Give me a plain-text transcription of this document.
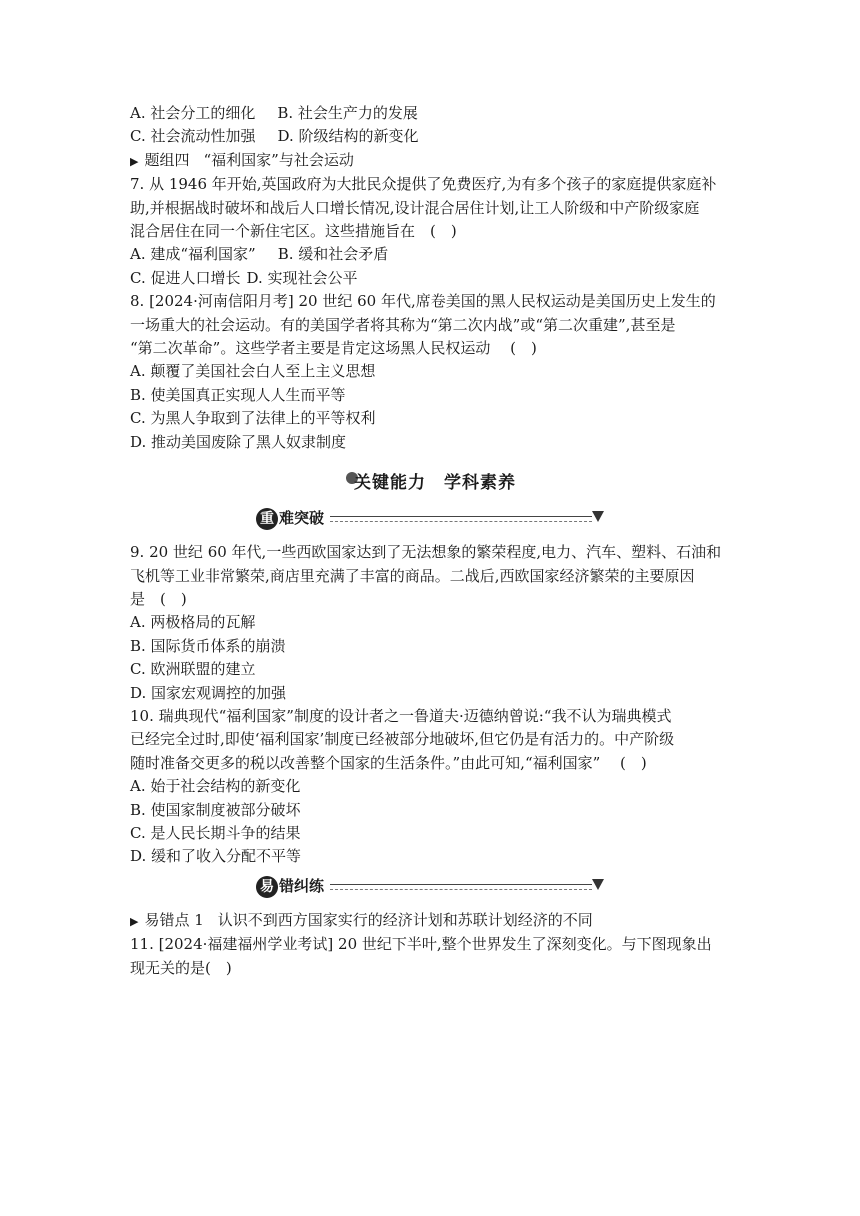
A. 社会分工的细化 B. 社会生产力的发展
C. 社会流动性加强 D. 阶级结构的新变化
▶ 题组四 “福利国家”与社会运动
7. 从 1946 年开始,英国政府为大批民众提供了免费医疗,为有多个孩子的家庭提供家庭补
助,并根据战时破坏和战后人口增长情况,设计混合居住计划,让工人阶级和中产阶级家庭
混合居住在同一个新住宅区。这些措施旨在　(　)
A. 建成“福利国家” B. 缓和社会矛盾
C. 促进人口增长 D. 实现社会公平
8. [2024·河南信阳月考] 20 世纪 60 年代,席卷美国的黑人民权运动是美国历史上发生的
一场重大的社会运动。有的美国学者将其称为“第二次内战”或“第二次重建”,甚至是
“第二次革命”。这些学者主要是肯定这场黑人民权运动　 (　)
A. 颠覆了美国社会白人至上主义思想
B. 使美国真正实现人人生而平等
C. 为黑人争取到了法律上的平等权利
D. 推动美国废除了黑人奴隶制度
关键能力　学科素养
重 难突破
9. 20 世纪 60 年代,一些西欧国家达到了无法想象的繁荣程度,电力、汽车、塑料、石油和
飞机等工业非常繁荣,商店里充满了丰富的商品。二战后,西欧国家经济繁荣的主要原因
是　(　)
A. 两极格局的瓦解
B. 国际货币体系的崩溃
C. 欧洲联盟的建立
D. 国家宏观调控的加强
10. 瑞典现代“福利国家”制度的设计者之一鲁道夫·迈德纳曾说:“我不认为瑞典模式
已经完全过时,即使‘福利国家’制度已经被部分地破坏,但它仍是有活力的。中产阶级
随时准备交更多的税以改善整个国家的生活条件。”由此可知,“福利国家”　 (　)
A. 始于社会结构的新变化
B. 使国家制度被部分破坏
C. 是人民长期斗争的结果
D. 缓和了收入分配不平等
易 错纠练
▶ 易错点 1 认识不到西方国家实行的经济计划和苏联计划经济的不同
11. [2024·福建福州学业考试] 20 世纪下半叶,整个世界发生了深刻变化。与下图现象出
现无关的是(　)
